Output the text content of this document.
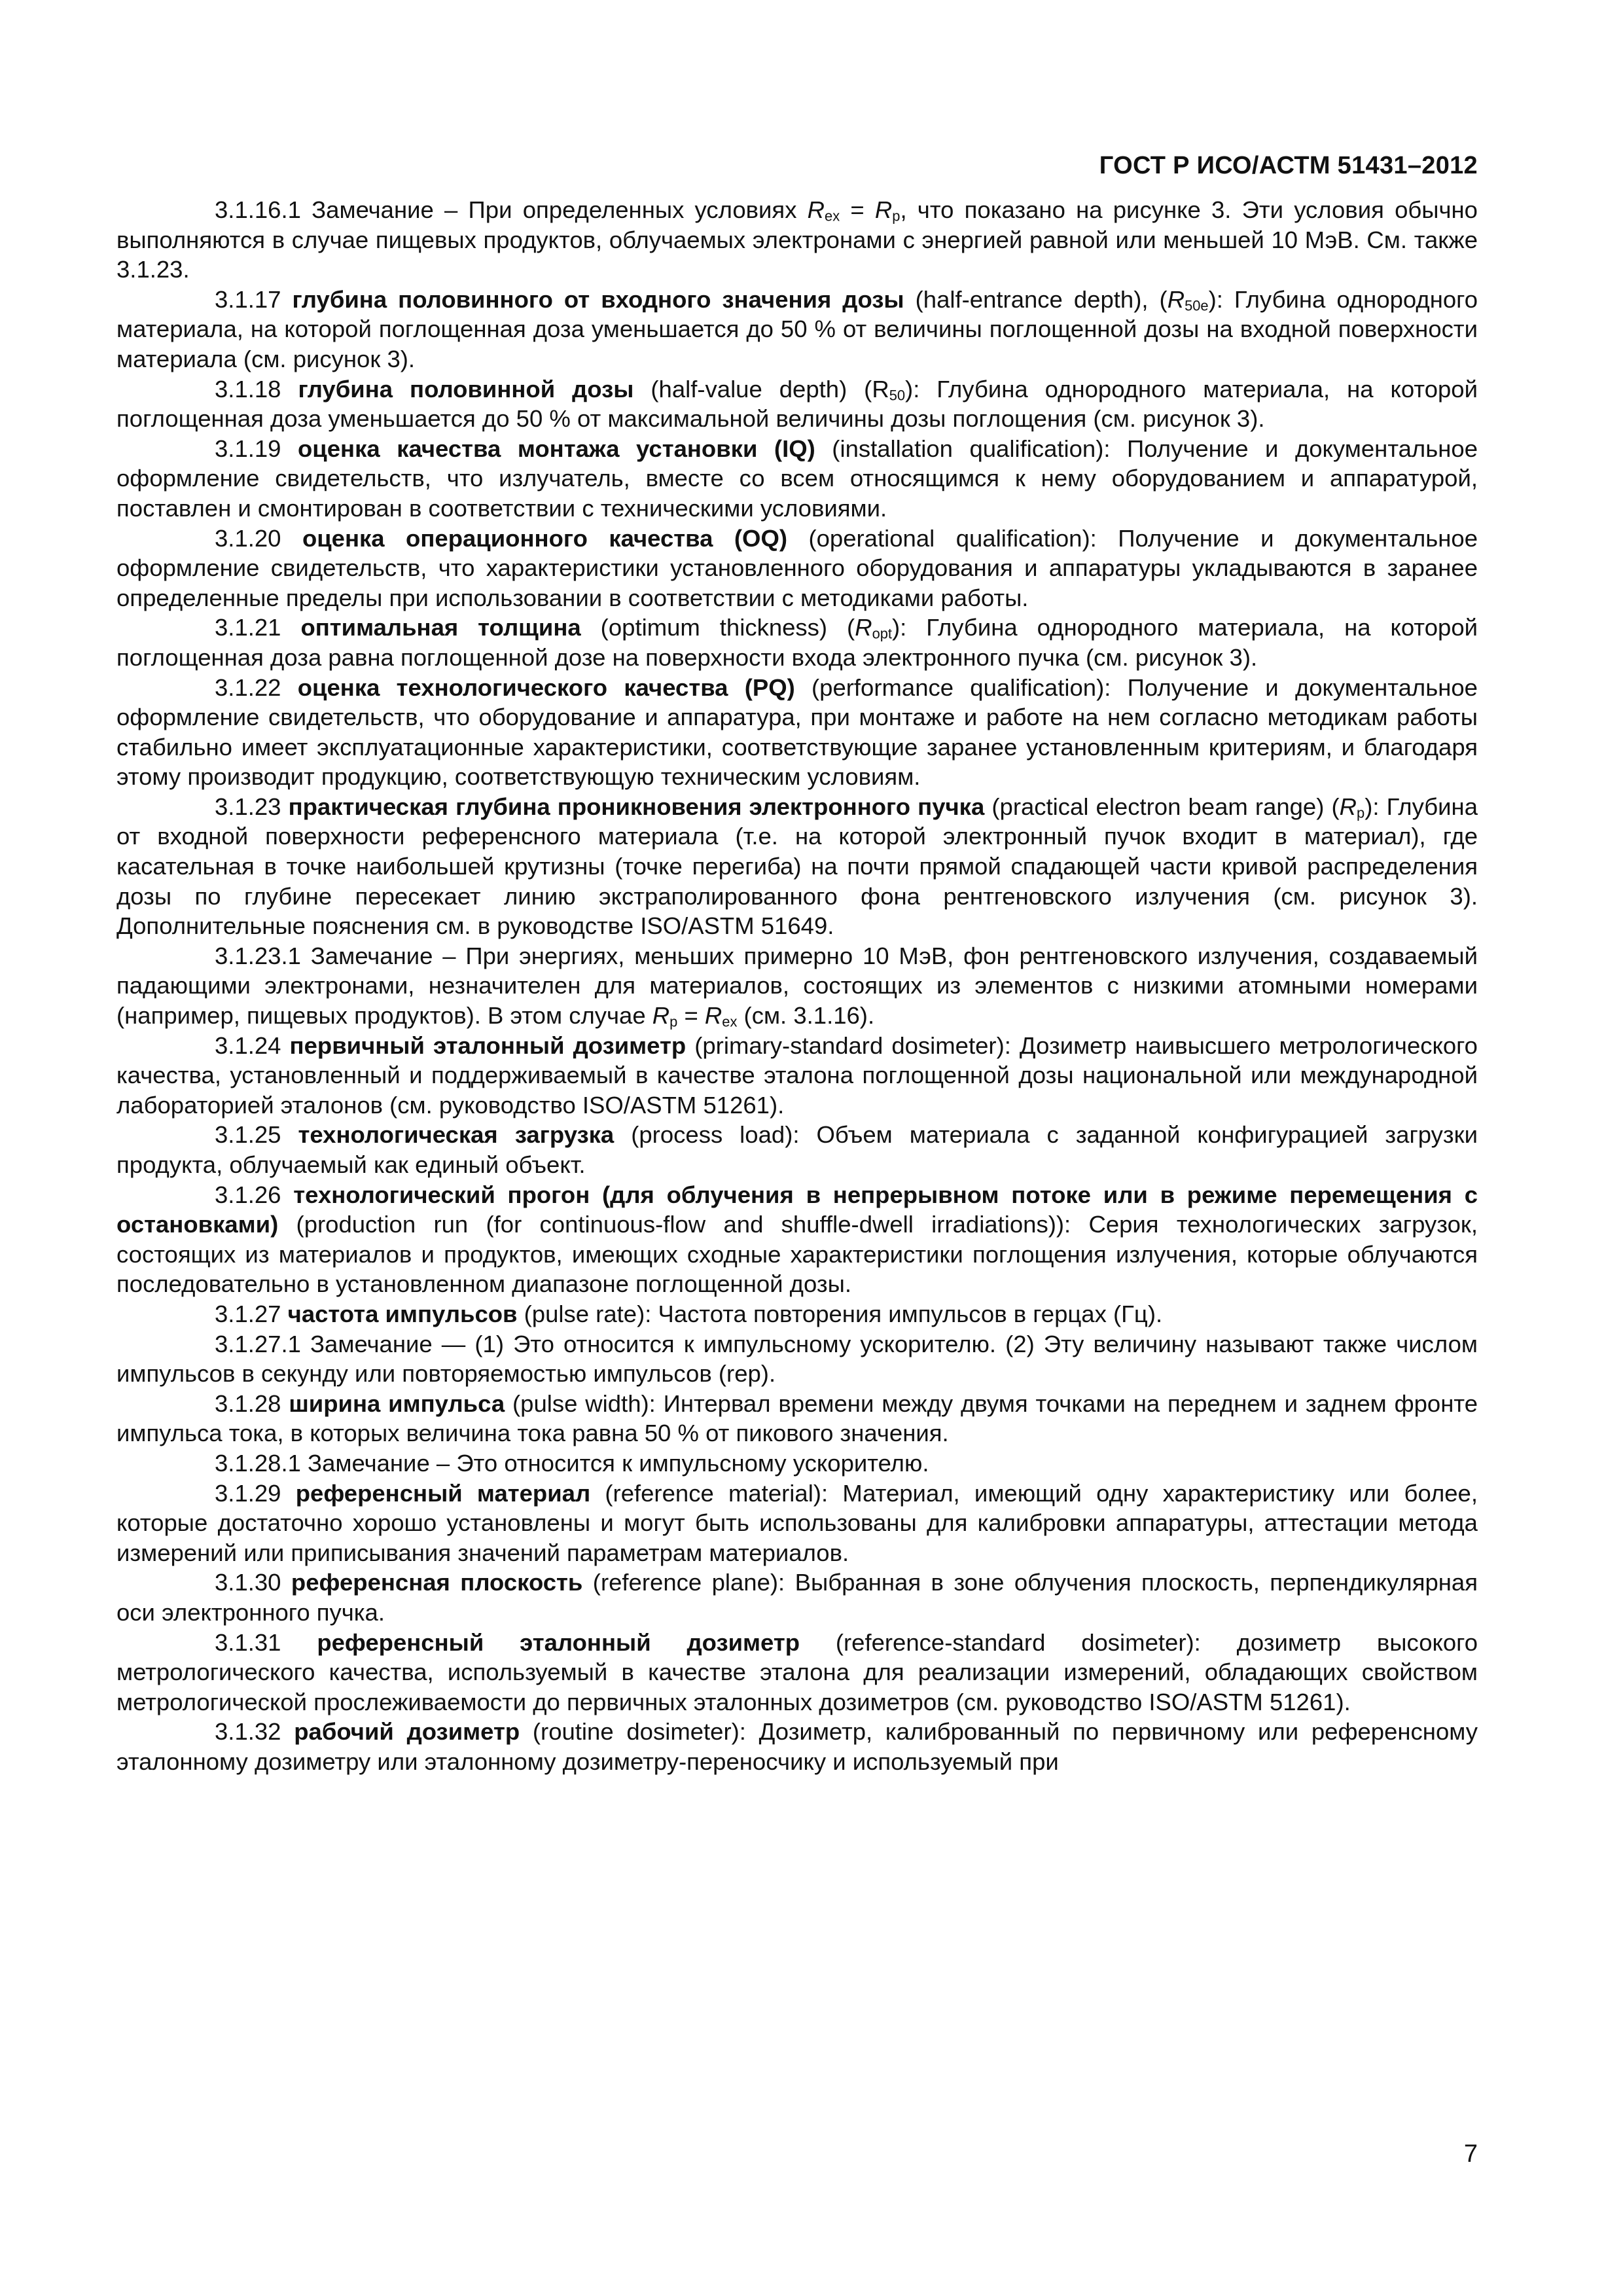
ГОСТ Р ИСО/АСТМ 51431–2012

3.1.16.1 Замечание – При определенных условиях $R_{ex} = R_p$, что показано на рисунке 3. Эти условия обычно выполняются в случае пищевых продуктов, облучаемых электронами с энергией равной или меньшей 10 МэВ. См. также 3.1.23.

3.1.17 глубина половинного от входного значения дозы (half-entrance depth), $(R_{50e})$: Глубина однородного материала, на которой поглощенная доза уменьшается до 50 % от величины поглощенной дозы на входной поверхности материала (см. рисунок 3).

3.1.18 глубина половинной дозы (half-value depth) $(R_{50})$: Глубина однородного материала, на которой поглощенная доза уменьшается до 50 % от максимальной величины дозы поглощения (см. рисунок 3).

3.1.19 оценка качества монтажа установки (IQ) (installation qualification): Получение и документальное оформление свидетельств, что излучатель, вместе со всем относящимся к нему оборудованием и аппаратурой, поставлен и смонтирован в соответствии с техническими условиями.

3.1.20 оценка операционного качества (OQ) (operational qualification): Получение и документальное оформление свидетельств, что характеристики установленного оборудования и аппаратуры укладываются в заранее определенные пределы при использовании в соответствии с методиками работы.

3.1.21 оптимальная толщина (optimum thickness) $(R_{opt})$: Глубина однородного материала, на которой поглощенная доза равна поглощенной дозе на поверхности входа электронного пучка (см. рисунок 3).

3.1.22 оценка технологического качества (PQ) (performance qualification): Получение и документальное оформление свидетельств, что оборудование и аппаратура, при монтаже и работе на нем согласно методикам работы стабильно имеет эксплуатационные характеристики, соответствующие заранее установленным критериям, и благодаря этому производит продукцию, соответствующую техническим условиям.

3.1.23 практическая глубина проникновения электронного пучка (practical electron beam range) $(R_p)$: Глубина от входной поверхности референсного материала (т.е. на которой электронный пучок входит в материал), где касательная в точке наибольшей крутизны (точке перегиба) на почти прямой спадающей части кривой распределения дозы по глубине пересекает линию экстраполированного фона рентгеновского излучения (см. рисунок 3). Дополнительные пояснения см. в руководстве ISO/ASTM 51649.

3.1.23.1 Замечание – При энергиях, меньших примерно 10 МэВ, фон рентгеновского излучения, создаваемый падающими электронами, незначителен для материалов, состоящих из элементов с низкими атомными номерами (например, пищевых продуктов). В этом случае $R_p = R_{ex}$ (см. 3.1.16).

3.1.24 первичный эталонный дозиметр (primary-standard dosimeter): Дозиметр наивысшего метрологического качества, установленный и поддерживаемый в качестве эталона поглощенной дозы национальной или международной лабораторией эталонов (см. руководство ISO/ASTM 51261).

3.1.25 технологическая загрузка (process load): Объем материала с заданной конфигурацией загрузки продукта, облучаемый как единый объект.

3.1.26 технологический прогон (для облучения в непрерывном потоке или в режиме перемещения с остановками) (production run (for continuous-flow and shuffle-dwell irradiations)): Серия технологических загрузок, состоящих из материалов и продуктов, имеющих сходные характеристики поглощения излучения, которые облучаются последовательно в установленном диапазоне поглощенной дозы.

3.1.27 частота импульсов (pulse rate): Частота повторения импульсов в герцах (Гц).

3.1.27.1 Замечание — (1) Это относится к импульсному ускорителю. (2) Эту величину называют также числом импульсов в секунду или повторяемостью импульсов (rep).

3.1.28 ширина импульса (pulse width): Интервал времени между двумя точками на переднем и заднем фронте импульса тока, в которых величина тока равна 50 % от пикового значения.

3.1.28.1 Замечание – Это относится к импульсному ускорителю.

3.1.29 референсный материал (reference material): Материал, имеющий одну характеристику или более, которые достаточно хорошо установлены и могут быть использованы для калибровки аппаратуры, аттестации метода измерений или приписывания значений параметрам материалов.

3.1.30 референсная плоскость (reference plane): Выбранная в зоне облучения плоскость, перпендикулярная оси электронного пучка.

3.1.31 референсный эталонный дозиметр (reference-standard dosimeter): дозиметр высокого метрологического качества, используемый в качестве эталона для реализации измерений, обладающих свойством метрологической прослеживаемости до первичных эталонных дозиметров (см. руководство ISO/ASTM 51261).

3.1.32 рабочий дозиметр (routine dosimeter): Дозиметр, калиброванный по первичному или референсному эталонному дозиметру или эталонному дозиметру-переносчику и используемый при

7
